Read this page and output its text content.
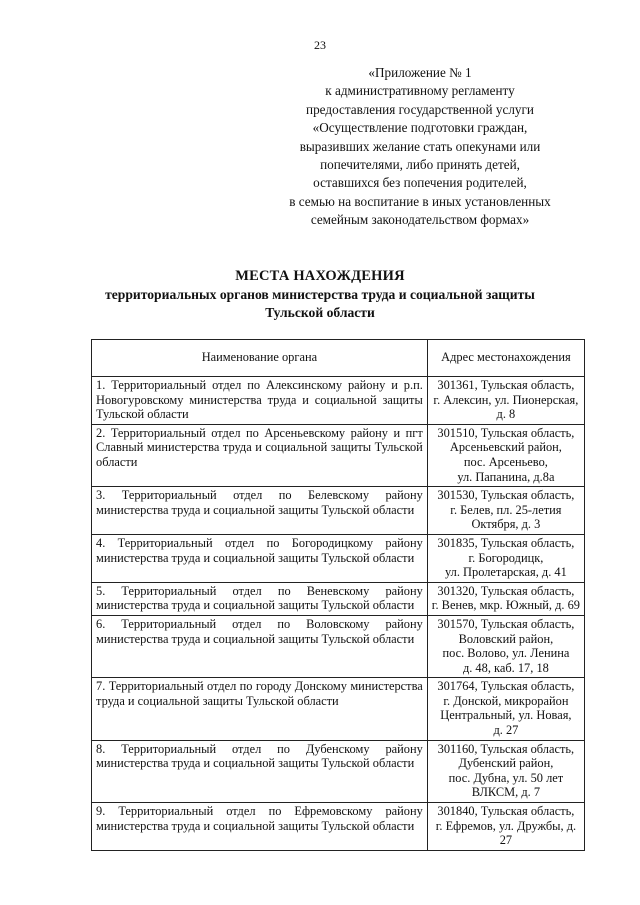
23
«Приложение № 1
к административному регламенту
предоставления государственной услуги
«Осуществление подготовки граждан,
выразивших желание стать опекунами или
попечителями, либо принять детей,
оставшихся без попечения родителей,
в семью на воспитание в иных установленных
семейным законодательством формах»
МЕСТА НАХОЖДЕНИЯ
территориальных органов министерства труда и социальной защиты
Тульской области
Наименование органа	Адрес местонахождения
1. Территориальный отдел по Алексинскому району и р.п. Новогуровскому министерства труда и социальной защиты Тульской области	301361, Тульская область,
г. Алексин, ул. Пионерская,
д. 8

2. Территориальный отдел по Арсеньевскому району и пгт Славный министерства труда и социальной защиты Тульской области	301510, Тульская область,
Арсеньевский район,
пос. Арсеньево,
ул. Папанина, д.8а

3. Территориальный отдел по Белевскому району министерства труда и социальной защиты Тульской области	301530, Тульская область,
г. Белев, пл. 25-летия
Октября, д. 3

4. Территориальный отдел по Богородицкому району министерства труда и социальной защиты Тульской области	301835, Тульская область,
г. Богородицк,
ул. Пролетарская, д. 41

5. Территориальный отдел по Веневскому району министерства труда и социальной защиты Тульской области	301320, Тульская область,
г. Венев, мкр. Южный, д. 69

6. Территориальный отдел по Воловскому району министерства труда и социальной защиты Тульской области	301570, Тульская область,
Воловский район,
пос. Волово, ул. Ленина
д. 48, каб. 17, 18

7. Территориальный отдел по городу Донскому министерства труда и социальной защиты Тульской области	301764, Тульская область,
г. Донской, микрорайон
Центральный, ул. Новая,
д. 27

8. Территориальный отдел по Дубенскому району министерства труда и социальной защиты Тульской области	301160, Тульская область,
Дубенский район,
пос. Дубна, ул. 50 лет
ВЛКСМ, д. 7

9. Территориальный отдел по Ефремовскому району министерства труда и социальной защиты Тульской области	301840, Тульская область,
г. Ефремов, ул. Дружбы, д.
27
